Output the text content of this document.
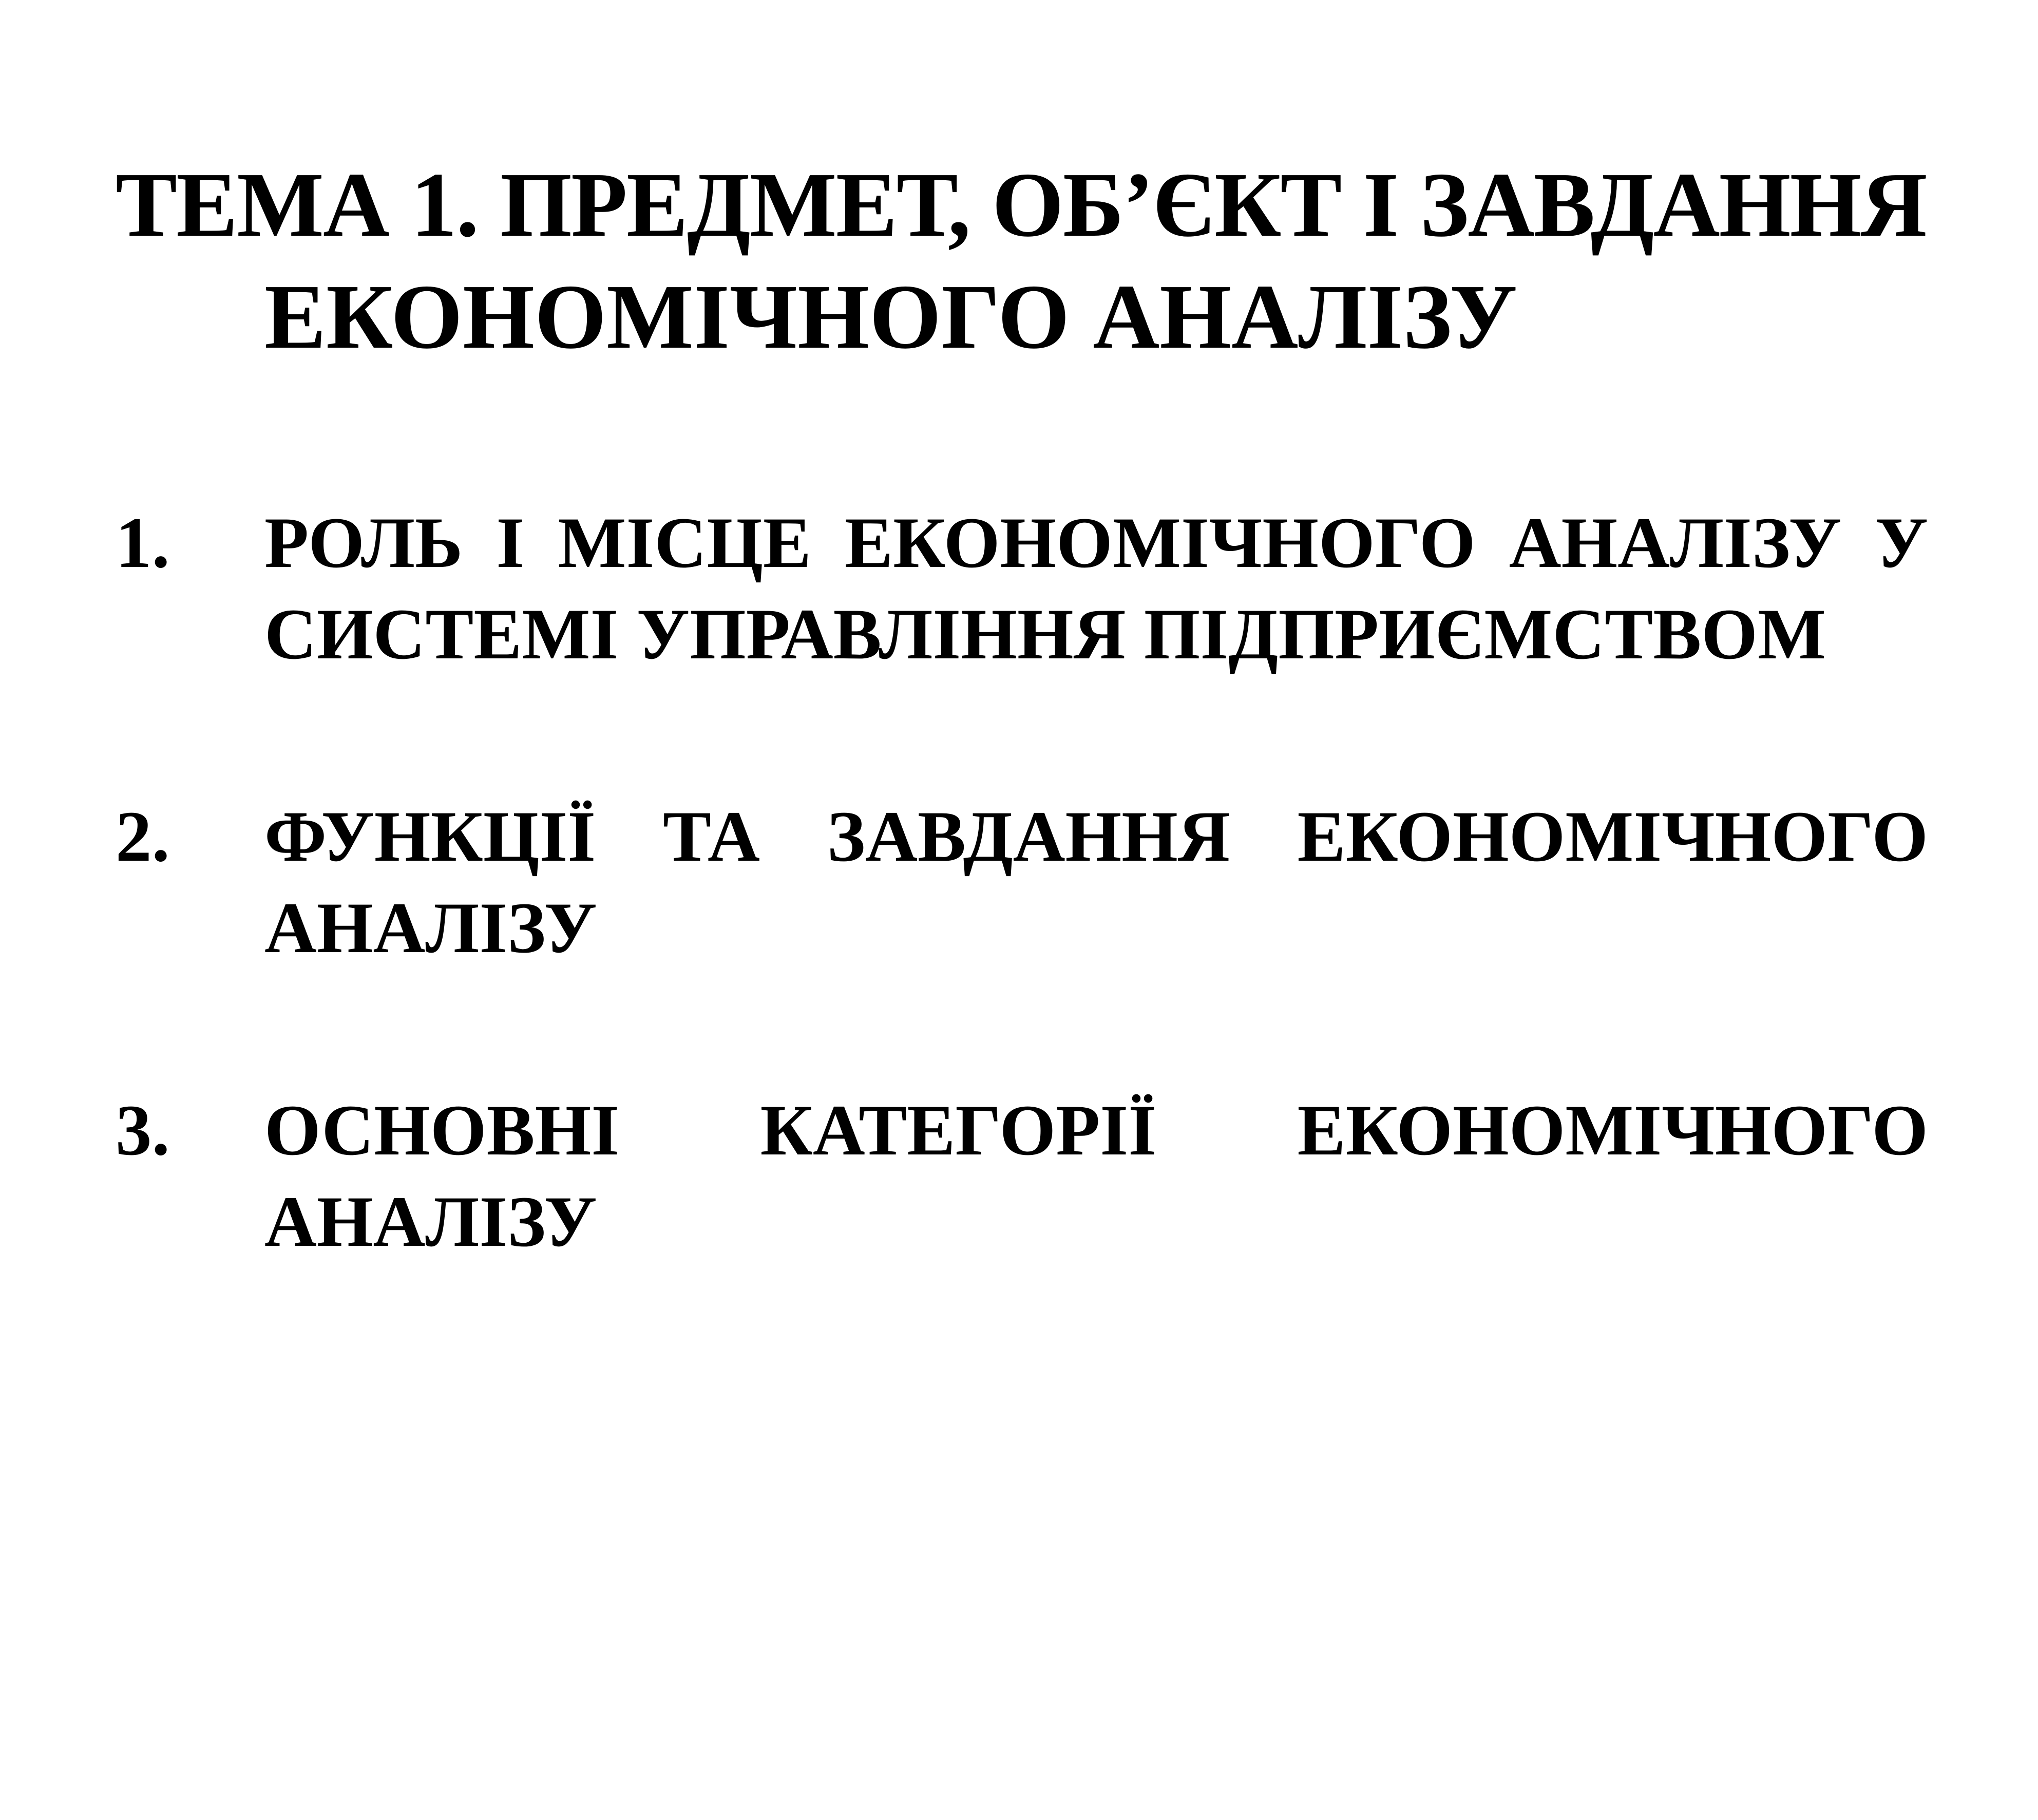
ТЕМА 1. ПРЕДМЕТ, ОБ’ЄКТ І ЗАВДАННЯ
ЕКОНОМІЧНОГО АНАЛІЗУ
1.	РОЛЬ І МІСЦЕ ЕКОНОМІЧНОГО АНАЛІЗУ У СИСТЕМІ УПРАВЛІННЯ ПІДПРИЄМСТВОМ
2.	ФУНКЦІЇ ТА ЗАВДАННЯ ЕКОНОМІЧНОГО АНАЛІЗУ
3.	ОСНОВНІ КАТЕГОРІЇ ЕКОНОМІЧНОГО АНАЛІЗУ
